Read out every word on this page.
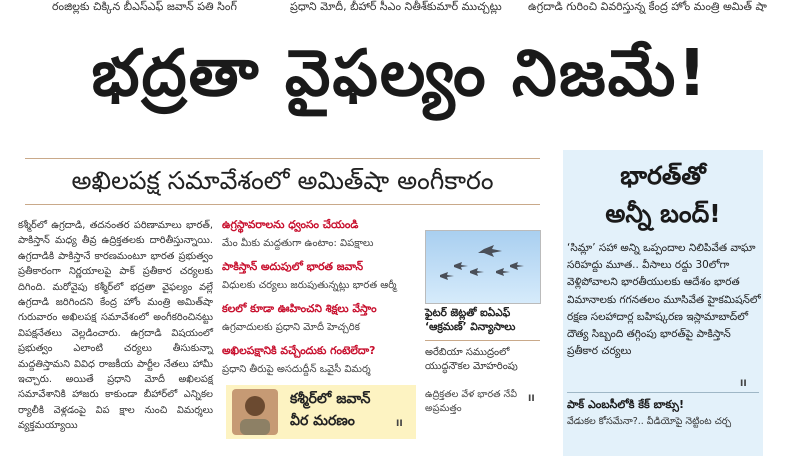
రంజిల్లకు చిక్కిన బీఎస్‌ఎఫ్ జవాన్ పతి సింగ్	ప్రధాని మోదీ, బీహార్ సీఎం నితీశ్‌కుమార్ ముచ్చట్లు ఉగ్రదాడి గురించి వివరిస్తున్న కేంద్ర హోం మంత్రి అమిత్ షా
భద్రతా వైఫల్యం నిజమే!
అఖిలపక్ష సమావేశంలో అమిత్‌షా అంగీకారం
కశ్మీర్‌లో ఉగ్రదాడి, తదనంతర పరిణామాలు భారత్, పాకిస్తాన్ మధ్య తీవ్ర ఉద్రిక్తతలకు దారితీస్తున్నాయి. ఉగ్రదాడికి పాకిస్తానే కారణమంటూ భారత ప్రభుత్వం ప్రతీకారంగా నిర్ణయాలపై పాక్ ప్రతీకార చర్యలకు దిగింది. మరోవైపు కశ్మీర్‌లో భద్రతా వైఫల్యం వల్లే ఉగ్రదాడి జరిగిందని కేంద్ర హోం మంత్రి అమిత్‌షా గురువారం అఖిలపక్ష సమావేశంలో అంగీకరించినట్టు విపక్షనేతలు వెల్లడించారు. ఉగ్రదాడి విషయంలో ప్రభుత్వం ఎలాంటి చర్యలు తీసుకున్నా మద్దతిస్తామని వివిధ రాజకీయ పార్టీల నేతలు హామీ ఇచ్చారు. అయితే ప్రధాని మోదీ అఖిలపక్ష సమావేశానికి హాజరు కాకుండా బీహార్‌లో ఎన్నికల ర్యాలీకి వెళ్లడంపై విప క్షాల నుంచి విమర్శలు వ్యక్తమయ్యాయి
ఉగ్రస్థావరాలను ధ్వంసం చేయండి
మేం మీకు మద్దతుగా ఉంటాం: విపక్షాలు
పాకిస్తాన్ అదుపులో భారత జవాన్
విధులకు చర్యలు జరుపుతున్నట్లు భారత ఆర్మీ
కలలో కూడా ఊహించని శిక్షలు వేస్తాం
ఉగ్రవాదులకు ప్రధాని మోదీ హెచ్చరిక
అఖిలపక్షానికి వచ్చేందుకు గంటెలేదా?
ప్రధాని తీరుపై అసదుద్దీన్ ఒవైసీ విమర్శ
కశ్మీర్‌లో జవాన్
వీర మరణం	II
ఫైటర్ జెట్లతో ఐఏఎఫ్ ‘ఆక్రమణ్’ విన్యాసాలు
అరేబియా సముద్రంలో యుద్ధనౌకల మోహరింపు
ఉద్రిక్తతల వేళ భారత నేవీ అప్రమత్తం
II
భారత్‌తో
అన్నీ బంద్!
‘సిమ్లా’ సహా అన్ని ఒప్పందాల నిలిపివేత వాఘా సరిహద్దు మూత.. వీసాలు రద్దు 30లోగా వెళ్లిపోవాలని భారతీయులకు ఆదేశం భారత విమానాలకు గగనతలం మూసివేత హైకమిషన్‌లో రక్షణ సలహాదార్ల బహిష్కరణ ఇస్లామాబాద్‌లో దౌత్య సిబ్బంది తగ్గింపు భారత్‌పై పాకిస్తాన్ ప్రతీకార చర్యలు
II
పాక్ ఎంబసీలోకి కేక్ బాక్సు!
వేడుకల కోసమేనా?.. వీడియోపై నెట్టింట చర్చ
